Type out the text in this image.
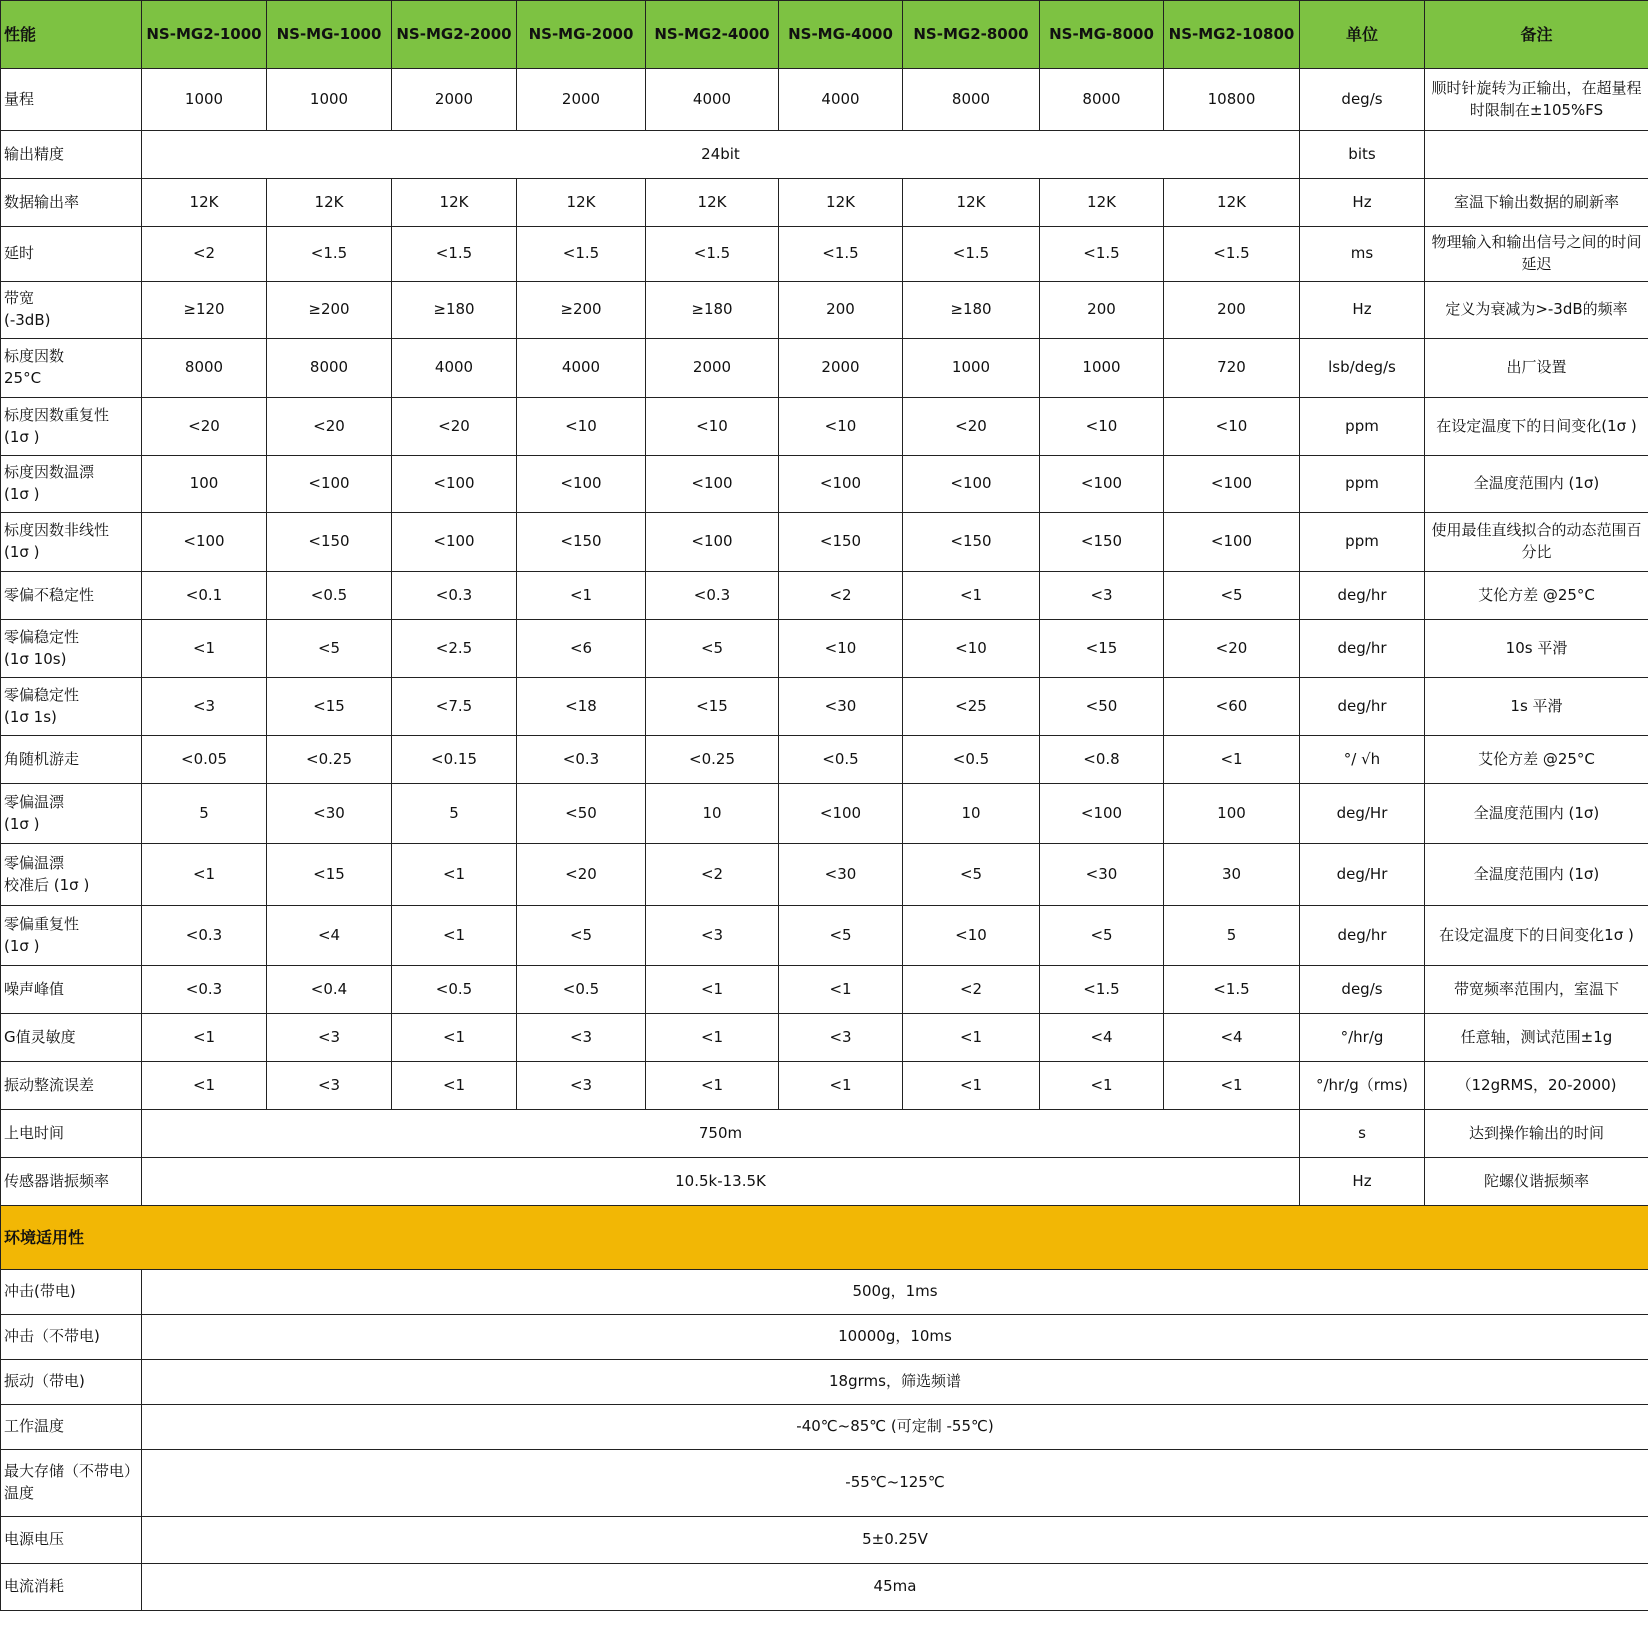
性能	NS-MG2-1000	NS-MG-1000	NS-MG2-2000	NS-MG-2000	NS-MG2-4000	NS-MG-4000	NS-MG2-8000	NS-MG-8000	NS-MG2-10800	单位	备注

量程	1000	1000	2000	2000	4000	4000	8000	8000	10800	deg/s	顺时针旋转为正输出，在超量程时限制在±105%FS

输出精度	24bit									bits	

数据输出率	12K	12K	12K	12K	12K	12K	12K	12K	12K	Hz	室温下输出数据的刷新率

延时	<2	<1.5	<1.5	<1.5	<1.5	<1.5	<1.5	<1.5	<1.5	ms	物理输入和输出信号之间的时间延迟

带宽
(-3dB)	≥120	≥200	≥180	≥200	≥180	200	≥180	200	200	Hz	定义为衰减为>-3dB的频率

标度因数
25°C	8000	8000	4000	4000	2000	2000	1000	1000	720	lsb/deg/s	出厂设置

标度因数重复性
(1σ )	<20	<20	<20	<10	<10	<10	<20	<10	<10	ppm	在设定温度下的日间变化(1σ )

标度因数温漂
(1σ )	100	<100	<100	<100	<100	<100	<100	<100	<100	ppm	全温度范围内 (1σ)

标度因数非线性
(1σ )	<100	<150	<100	<150	<100	<150	<150	<150	<100	ppm	使用最佳直线拟合的动态范围百分比

零偏不稳定性	<0.1	<0.5	<0.3	<1	<0.3	<2	<1	<3	<5	deg/hr	艾伦方差 @25°C

零偏稳定性
(1σ 10s)	<1	<5	<2.5	<6	<5	<10	<10	<15	<20	deg/hr	10s 平滑

零偏稳定性
(1σ 1s)	<3	<15	<7.5	<18	<15	<30	<25	<50	<60	deg/hr	1s 平滑

角随机游走	<0.05	<0.25	<0.15	<0.3	<0.25	<0.5	<0.5	<0.8	<1	°/ √h	艾伦方差 @25°C

零偏温漂
(1σ )	5	<30	5	<50	10	<100	10	<100	100	deg/Hr	全温度范围内 (1σ)

零偏温漂
校准后 (1σ )	<1	<15	<1	<20	<2	<30	<5	<30	30	deg/Hr	全温度范围内 (1σ)

零偏重复性
(1σ )	<0.3	<4	<1	<5	<3	<5	<10	<5	5	deg/hr	在设定温度下的日间变化1σ )

噪声峰值	<0.3	<0.4	<0.5	<0.5	<1	<1	<2	<1.5	<1.5	deg/s	带宽频率范围内，室温下

G值灵敏度	<1	<3	<1	<3	<1	<3	<1	<4	<4	°/hr/g	任意轴，测试范围±1g

振动整流误差	<1	<3	<1	<3	<1	<1	<1	<1	<1	°/hr/g（rms)	（12gRMS，20-2000)

上电时间	750m									s	达到操作输出的时间

传感器谐振频率	10.5k-13.5K									Hz	陀螺仪谐振频率
环境适用性											

冲击(带电)	500g，1ms										

冲击（不带电)	10000g，10ms										

振动（带电)	18grms，筛选频谱										

工作温度	-40℃~85℃ (可定制 -55℃)										

最大存储（不带电）温度	-55℃~125℃										

电源电压	5±0.25V										

电流消耗	45ma										
